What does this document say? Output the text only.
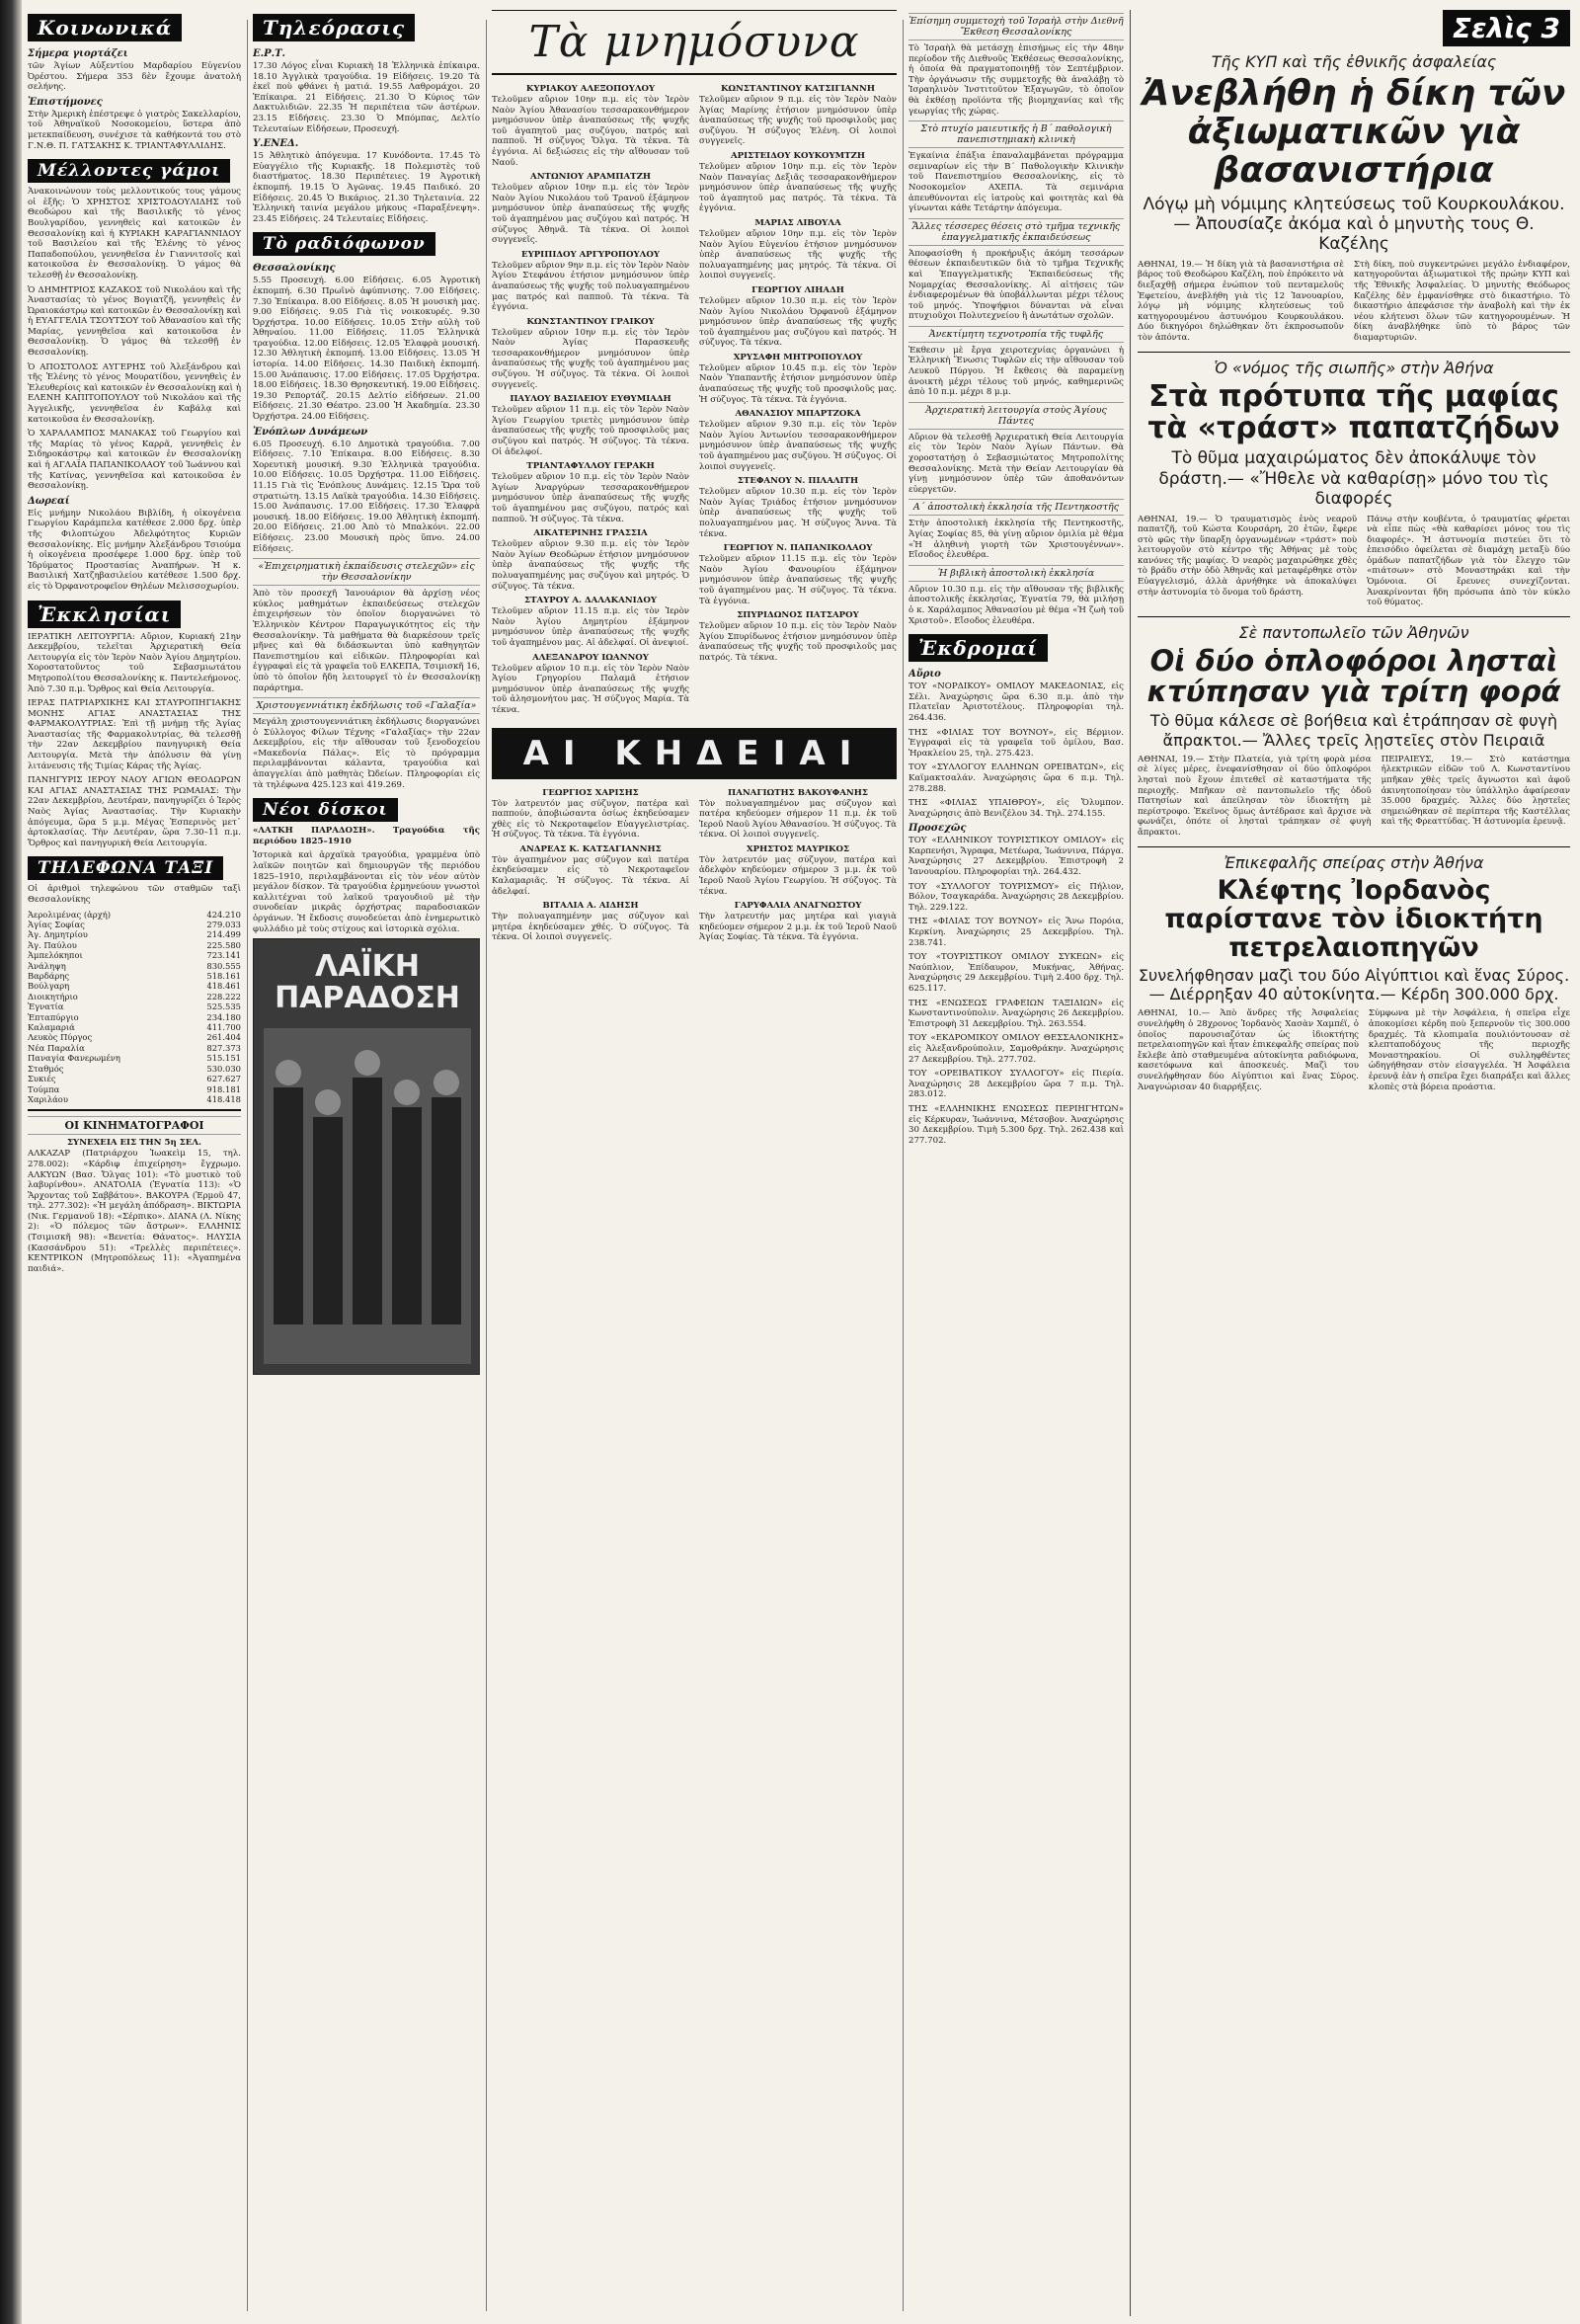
Κοινωνικά
Σήμερα γιορτάζει

τῶν Ἁγίων Αὐξεντίου Μαρδαρίου Εὐγενίου Ὀρέστου. Σήμερα 353 δὲν ἔχουμε ἀνατολή σελήνης.

Ἐπιστήμονες

Στὴν Ἀμερικὴ ἐπέστρεψε ὁ γιατρὸς Σακελλαρίου, τοῦ Ἀθηναϊκοῦ Νοσοκομείου, ὕστερα ἀπὸ μετεκπαίδευση, συνέχισε τὰ καθήκοντά του στὸ Γ.Ν.Θ. Π. ΓΑΤΣΑΚΗΣ Κ. ΤΡΙΑΝΤΑΦΥΛΛΙΔΗΣ.

Μέλλοντες γάμοι

Ἀνακοινώνουν τοὺς μελλοντικούς τους γάμους οἱ ἑξῆς: Ὁ ΧΡΗΣΤΟΣ ΧΡΙΣΤΟΔΟΥΛΙΔΗΣ τοῦ Θεοδώρου καὶ τῆς Βασιλικῆς τὸ γένος Βουλγαρίδου, γεννηθεὶς καὶ κατοικῶν ἐν Θεσσαλονίκῃ καὶ ἡ ΚΥΡΙΑΚΗ ΚΑΡΑΓΙΑΝΝΙΔΟΥ τοῦ Βασιλείου καὶ τῆς Ἐλένης τὸ γένος Παπαδοπούλου, γεννηθεῖσα ἐν Γιαννιτσοῖς καὶ κατοικοῦσα ἐν Θεσσαλονίκῃ. Ὁ γάμος θὰ τελεσθῇ ἐν Θεσσαλονίκῃ.

Ὁ ΔΗΜΗΤΡΙΟΣ ΚΑΖΑΚΟΣ τοῦ Νικολάου καὶ τῆς Ἀναστασίας τὸ γένος Βογιατζῆ, γεννηθεὶς ἐν Ὠραιοκάστρῳ καὶ κατοικῶν ἐν Θεσσαλονίκῃ καὶ ἡ ΕΥΑΓΓΕΛΙΑ ΤΣΟΥΤΣΟΥ τοῦ Ἀθανασίου καὶ τῆς Μαρίας, γεννηθεῖσα καὶ κατοικοῦσα ἐν Θεσσαλονίκῃ. Ὁ γάμος θὰ τελεσθῇ ἐν Θεσσαλονίκῃ.

Ὁ ΑΠΟΣΤΟΛΟΣ ΑΥΓΕΡΗΣ τοῦ Ἀλεξάνδρου καὶ τῆς Ἑλένης τὸ γένος Μουρατίδου, γεννηθεὶς ἐν Ἐλευθερίοις καὶ κατοικῶν ἐν Θεσσαλονίκῃ καὶ ἡ ΕΛΕΝΗ ΚΑΠΙΤΟΠΟΥΛΟΥ τοῦ Νικολάου καὶ τῆς Ἀγγελικῆς, γεννηθεῖσα ἐν Καβάλᾳ καὶ κατοικοῦσα ἐν Θεσσαλονίκῃ.

Ὁ ΧΑΡΑΛΑΜΠΟΣ ΜΑΝΑΚΑΣ τοῦ Γεωργίου καὶ τῆς Μαρίας τὸ γένος Καρρᾶ, γεννηθεὶς ἐν Σιδηροκάστρῳ καὶ κατοικῶν ἐν Θεσσαλονίκῃ καὶ ἡ ΑΓΛΑΪΑ ΠΑΠΑΝΙΚΟΛΑΟΥ τοῦ Ἰωάννου καὶ τῆς Κατίνας, γεννηθεῖσα καὶ κατοικοῦσα ἐν Θεσσαλονίκῃ.

Δωρεαί

Εἰς μνήμην Νικολάου Βιβλίδη, ἡ οἰκογένεια Γεωργίου Καράμπελα κατέθεσε 2.000 δρχ. ὑπὲρ τῆς Φιλοπτώχου Ἀδελφότητος Κυριῶν Θεσσαλονίκης. Εἰς μνήμην Ἀλεξάνδρου Τσιούμα ἡ οἰκογένεια προσέφερε 1.000 δρχ. ὑπὲρ τοῦ Ἰδρύματος Προστασίας Ἀναπήρων. Ἡ κ. Βασιλική Χατζηβασιλείου κατέθεσε 1.500 δρχ. εἰς τὸ Ὀρφανοτροφεῖον Θηλέων Μελισσοχωρίου.

Ἐκκλησίαι

ΙΕΡΑΤΙΚΗ ΛΕΙΤΟΥΡΓΙΑ: Αὔριον, Κυριακή 21ην Δεκεμβρίου, τελεῖται Ἀρχιερατικὴ Θεία Λειτουργία εἰς τὸν Ἱερὸν Ναὸν Ἁγίου Δημητρίου. Χοροστατοῦντος τοῦ Σεβασμιωτάτου Μητροπολίτου Θεσσαλονίκης κ. Παντελεήμονος. Ἀπὸ 7.30 π.μ. Ὄρθρος καὶ Θεία Λειτουργία.

ΙΕΡΑΣ ΠΑΤΡΙΑΡΧΙΚΗΣ ΚΑΙ ΣΤΑΥΡΟΠΗΓΙΑΚΗΣ ΜΟΝΗΣ ΑΓΙΑΣ ΑΝΑΣΤΑΣΙΑΣ ΤΗΣ ΦΑΡΜΑΚΟΛΥΤΡΙΑΣ: Ἐπὶ τῇ μνήμῃ τῆς Ἁγίας Ἀναστασίας τῆς Φαρμακολυτρίας, θὰ τελεσθῇ τὴν 22αν Δεκεμβρίου πανηγυρικὴ Θεία Λειτουργία. Μετὰ τὴν ἀπόλυσιν θὰ γίνῃ λιτάνευσις τῆς Τιμίας Κάρας τῆς Ἁγίας.

ΠΑΝΗΓΥΡΙΣ ΙΕΡΟΥ ΝΑΟΥ ΑΓΙΩΝ ΘΕΟΔΩΡΩΝ ΚΑΙ ΑΓΙΑΣ ΑΝΑΣΤΑΣΙΑΣ ΤΗΣ ΡΩΜΑΙΑΣ: Τὴν 22αν Δεκεμβρίου, Δευτέραν, πανηγυρίζει ὁ Ἱερὸς Ναὸς Ἁγίας Ἀναστασίας. Τὴν Κυριακὴν ἀπόγευμα, ὥρα 5 μ.μ. Μέγας Ἑσπερινὸς μετ᾽ ἀρτοκλασίας. Τὴν Δευτέραν, ὥρα 7.30–11 π.μ. Ὄρθρος καὶ πανηγυρικὴ Θεία Λειτουργία.

ΤΗΛΕΦΩΝΑ ΤΑΞΙ

Οἱ ἀριθμοὶ τηλεφώνου τῶν σταθμῶν ταξὶ Θεσσαλονίκης

Ἀερολιμένας (ἀρχή)	424.210
Ἀγίας Σοφίας	279.033
Ἀγ. Δημητρίου	214.499
Ἀγ. Παύλου	225.580
Ἀμπελόκηποι	723.141
Ἀνάληψη	830.555
Βαρδάρης	518.161
Βούλγαρη	418.461
Διοικητήριο	228.222
Ἐγνατία	525.535
Ἑπταπύργιο	234.180
Καλαμαριά	411.700
Λευκὸς Πύργος	261.404
Νέα Παραλία	827.373
Παναγία Φανερωμένη	515.151
Σταθμός	530.030
Συκιές	627.627
Τούμπα	918.181
Χαριλάου	418.418
ΟΙ ΚΙΝΗΜΑΤΟΓΡΑΦΟΙ
ΣΥΝΕΧΕΙΑ ΕΙΣ ΤΗΝ 5η ΣΕΛ.

ΑΛΚΑΖΑΡ (Πατριάρχου Ἰωακεὶμ 15, τηλ. 278.002): «Κάρδιφ ἐπιχείρηση» ἔγχρωμο. ΑΛΚΥΩΝ (Βασ. Ὄλγας 101): «Τὸ μυστικὸ τοῦ λαβυρίνθου». ΑΝΑΤΟΛΙΑ (Ἐγνατία 113): «Ὁ Ἅρχοντας τοῦ Σαββάτου». ΒΑΚΟΥΡΑ (Ἐρμοῦ 47, τηλ. 277.302): «Ἡ μεγάλη ἀπόδραση». ΒΙΚΤΩΡΙΑ (Νικ. Γερμανοῦ 18): «Σέρπικο». ΔΙΑΝΑ (Λ. Νίκης 2): «Ὁ πόλεμος τῶν ἄστρων». ΕΛΛΗΝΙΣ (Τσιμισκῆ 98): «Βενετία: Θάνατος». ΗΛΥΣΙΑ (Κασσάνδρου 51): «Τρελλὲς περιπέτειες». ΚΕΝΤΡΙΚΟΝ (Μητροπόλεως 11): «Ἀγαπημένα παιδιά».

Τηλεόρασις
Ε.Ρ.Τ.

17.30 Λόγος εἶναι Κυριακὴ 18 Ἑλληνικὰ ἐπίκαιρα. 18.10 Ἀγγλικὰ τραγούδια. 19 Εἰδήσεις. 19.20 Τὰ ἐκεῖ ποὺ φθάνει ἡ ματιά. 19.55 Λαθρομάχοι. 20 Ἐπίκαιρα. 21 Εἰδήσεις. 21.30 Ὁ Κύριος τῶν Δακτυλιδιῶν. 22.35 Ἡ περιπέτεια τῶν ἀστέρων. 23.15 Εἰδήσεις. 23.30 Ὁ Μπόμπας, Δελτίο Τελευταίων Εἰδήσεων, Προσευχή.

Υ.ΕΝΕΔ.

15 Ἀθλητικὸ ἀπόγευμα. 17 Κυνόδοντα. 17.45 Τὸ Εὐαγγέλιο τῆς Κυριακῆς. 18 Πολεμιστὲς τοῦ διαστήματος. 18.30 Περιπέτειες. 19 Ἀγροτικὴ ἐκπομπή. 19.15 Ὁ Ἀγῶνας. 19.45 Παιδικό. 20 Εἰδήσεις. 20.45 Ὁ Βικάριος. 21.30 Τηλεταινία. 22 Ἑλληνικὴ ταινία μεγάλου μήκους «Παραξένεψη». 23.45 Εἰδήσεις. 24 Τελευταίες Εἰδήσεις.

Τὸ ραδιόφωνον
Θεσσαλονίκης

5.55 Προσευχή. 6.00 Εἰδήσεις. 6.05 Ἀγροτικὴ ἐκπομπή. 6.30 Πρωϊνὸ ἀφύπνισης. 7.00 Εἰδήσεις. 7.30 Ἐπίκαιρα. 8.00 Εἰδήσεις. 8.05 Ἡ μουσικὴ μας. 9.00 Εἰδήσεις. 9.05 Γιὰ τὶς νοικοκυρές. 9.30 Ὀρχήστρα. 10.00 Εἰδήσεις. 10.05 Στὴν αὐλὴ τοῦ Ἀθηναίου. 11.00 Εἰδήσεις. 11.05 Ἑλληνικὰ τραγούδια. 12.00 Εἰδήσεις. 12.05 Ἐλαφρὰ μουσική. 12.30 Ἀθλητικὴ ἐκπομπή. 13.00 Εἰδήσεις. 13.05 Ἡ ἱστορία. 14.00 Εἰδήσεις. 14.30 Παιδικὴ ἐκπομπή. 15.00 Ἀνάπαυσις. 17.00 Εἰδήσεις. 17.05 Ὀρχήστρα. 18.00 Εἰδήσεις. 18.30 Θρησκευτική. 19.00 Εἰδήσεις. 19.30 Ρεπορτάζ. 20.15 Δελτίο εἰδήσεων. 21.00 Εἰδήσεις. 21.30 Θέατρο. 23.00 Ἡ Ἀκαδημία. 23.30 Ὀρχήστρα. 24.00 Εἰδήσεις.

Ἐνόπλων Δυνάμεων

6.05 Προσευχή. 6.10 Δημοτικὰ τραγούδια. 7.00 Εἰδήσεις. 7.10 Ἐπίκαιρα. 8.00 Εἰδήσεις. 8.30 Χορευτικὴ μουσική. 9.30 Ἑλληνικὰ τραγούδια. 10.00 Εἰδήσεις. 10.05 Ὀρχήστρα. 11.00 Εἰδήσεις. 11.15 Γιὰ τὶς Ἐνόπλους Δυνάμεις. 12.15 Ὥρα τοῦ στρατιώτη. 13.15 Λαϊκὰ τραγούδια. 14.30 Εἰδήσεις. 15.00 Ἀνάπαυσις. 17.00 Εἰδήσεις. 17.30 Ἐλαφρὰ μουσική. 18.00 Εἰδήσεις. 19.00 Ἀθλητικὴ ἐκπομπή. 20.00 Εἰδήσεις. 21.00 Ἀπὸ τὸ Μπαλκόνι. 22.00 Εἰδήσεις. 23.00 Μουσικὴ πρὸς ὕπνο. 24.00 Εἰδήσεις.

«Ἐπιχειρηματικὴ ἐκπαίδευσις στελεχῶν» εἰς τὴν Θεσσαλονίκην

Ἀπὸ τὸν προσεχῆ Ἰανουάριον θὰ ἀρχίσῃ νέος κύκλος μαθημάτων ἐκπαιδεύσεως στελεχῶν ἐπιχειρήσεων τὸν ὁποῖον διοργανώνει τὸ Ἑλληνικὸν Κέντρον Παραγωγικότητος εἰς τὴν Θεσσαλονίκην. Τὰ μαθήματα θὰ διαρκέσουν τρεῖς μῆνες καὶ θὰ διδάσκωνται ὑπὸ καθηγητῶν Πανεπιστημίου καὶ εἰδικῶν. Πληροφορίαι καὶ ἐγγραφαὶ εἰς τὰ γραφεῖα τοῦ ΕΛΚΕΠΑ, Τσιμισκῆ 16, ὑπὸ τὸ ὁποῖον ἤδη λειτουργεῖ τὸ ἐν Θεσσαλονίκῃ παράρτημα.

Χριστουγεννιάτικη ἐκδήλωσις τοῦ «Γαλαξία»

Μεγάλη χριστουγεννιάτικη ἐκδήλωσις διοργανώνει ὁ Σύλλογος Φίλων Τέχνης «Γαλαξίας» τὴν 22αν Δεκεμβρίου, εἰς τὴν αἴθουσαν τοῦ ξενοδοχείου «Μακεδονία Πάλας». Εἰς τὸ πρόγραμμα περιλαμβάνονται κάλαντα, τραγούδια καὶ ἀπαγγελίαι ἀπὸ μαθητὰς Ὠδείων. Πληροφορίαι εἰς τὰ τηλέφωνα 425.123 καὶ 419.269.

Νέοι δίσκοι

«ΛΑΤΚΗ ΠΑΡΑΔΟΣΗ». Τραγούδια τῆς περιόδου 1825–1910

Ἱστορικὰ καὶ ἀρχαϊκὰ τραγούδια, γραμμένα ὑπὸ λαϊκῶν ποιητῶν καὶ δημιουργῶν τῆς περιόδου 1825–1910, περιλαμβάνονται εἰς τὸν νέον αὐτὸν μεγάλον δίσκον. Τὰ τραγούδια ἑρμηνεύουν γνωστοὶ καλλιτέχναι τοῦ λαϊκοῦ τραγουδιοῦ μὲ τὴν συνοδείαν μικρᾶς ὀρχήστρας παραδοσιακῶν ὀργάνων. Ἡ ἔκδοσις συνοδεύεται ἀπὸ ἐνημερωτικὸ φυλλάδιο μὲ τοὺς στίχους καὶ ἱστορικὰ σχόλια.

ΛΑΪΚΗ
ΠΑΡΑΔΟΣΗ
Τὰ μνημόσυνα
ΚΥΡΙΑΚΟΥ ΑΛΕΞΟΠΟΥΛΟΥ

Τελοῦμεν αὔριον 10ην π.μ. εἰς τὸν Ἱερὸν Ναὸν Ἁγίου Ἀθανασίου τεσσαρακονθήμερον μνημόσυνον ὑπὲρ ἀναπαύσεως τῆς ψυχῆς τοῦ ἀγαπητοῦ μας συζύγου, πατρός καὶ παπποῦ. Ἡ σύζυγος Ὄλγα. Τὰ τέκνα. Τὰ ἐγγόνια. Αἱ δεξιώσεις εἰς τὴν αἴθουσαν τοῦ Ναοῦ.

ΑΝΤΩΝΙΟΥ ΑΡΑΜΠΑΤΖΗ

Τελοῦμεν αὔριον 10ην π.μ. εἰς τὸν Ἱερὸν Ναὸν Ἁγίου Νικολάου τοῦ Τρανοῦ ἑξάμηνον μνημόσυνον ὑπὲρ ἀναπαύσεως τῆς ψυχῆς τοῦ ἀγαπημένου μας συζύγου καὶ πατρός. Ἡ σύζυγος Ἀθηνᾶ. Τὰ τέκνα. Οἱ λοιποὶ συγγενεῖς.

ΕΥΡΙΠΙΔΟΥ ΑΡΓΥΡΟΠΟΥΛΟΥ

Τελοῦμεν αὔριον 9ην π.μ. εἰς τὸν Ἱερὸν Ναὸν Ἁγίου Στεφάνου ἐτήσιον μνημόσυνον ὑπὲρ ἀναπαύσεως τῆς ψυχῆς τοῦ πολυαγαπημένου μας πατρός καὶ παπποῦ. Τὰ τέκνα. Τὰ ἐγγόνια.

ΚΩΝΣΤΑΝΤΙΝΟΥ ΓΡΑΙΚΟΥ

Τελοῦμεν αὔριον 10ην π.μ. εἰς τὸν Ἱερὸν Ναὸν Ἁγίας Παρασκευῆς τεσσαρακονθήμερον μνημόσυνον ὑπὲρ ἀναπαύσεως τῆς ψυχῆς τοῦ ἀγαπημένου μας συζύγου. Ἡ σύζυγος. Τὰ τέκνα. Οἱ λοιποὶ συγγενεῖς.

ΠΑΥΛΟΥ ΒΑΣΙΛΕΙΟΥ ΕΥΘΥΜΙΑΔΗ

Τελοῦμεν αὔριον 11 π.μ. εἰς τὸν Ἱερὸν Ναὸν Ἁγίου Γεωργίου τριετὲς μνημόσυνον ὑπὲρ ἀναπαύσεως τῆς ψυχῆς τοῦ προσφιλοῦς μας συζύγου καὶ πατρός. Ἡ σύζυγος. Τὰ τέκνα. Οἱ ἀδελφοί.

ΤΡΙΑΝΤΑΦΥΛΛΟΥ ΓΕΡΑΚΗ

Τελοῦμεν αὔριον 10 π.μ. εἰς τὸν Ἱερὸν Ναὸν Ἁγίων Ἀναργύρων τεσσαρακονθήμερον μνημόσυνον ὑπὲρ ἀναπαύσεως τῆς ψυχῆς τοῦ ἀγαπημένου μας συζύγου, πατρός καὶ παπποῦ. Ἡ σύζυγος. Τὰ τέκνα.

ΑΙΚΑΤΕΡΙΝΗΣ ΓΡΑΣΣΙΑ

Τελοῦμεν αὔριον 9.30 π.μ. εἰς τὸν Ἱερὸν Ναὸν Ἁγίων Θεοδώρων ἐτήσιον μνημόσυνον ὑπὲρ ἀναπαύσεως τῆς ψυχῆς τῆς πολυαγαπημένης μας συζύγου καὶ μητρός. Ὁ σύζυγος. Τὰ τέκνα.

ΣΤΑΥΡΟΥ Α. ΔΑΛΑΚΑΝΙΔΟΥ

Τελοῦμεν αὔριον 11.15 π.μ. εἰς τὸν Ἱερὸν Ναὸν Ἁγίου Δημητρίου ἑξάμηνον μνημόσυνον ὑπὲρ ἀναπαύσεως τῆς ψυχῆς τοῦ ἀγαπημένου μας. Αἱ ἀδελφαί. Οἱ ἀνεψιοί.

ΑΛΕΞΑΝΔΡΟΥ ΙΩΑΝΝΟΥ

Τελοῦμεν αὔριον 10 π.μ. εἰς τὸν Ἱερὸν Ναὸν Ἁγίου Γρηγορίου Παλαμᾶ ἐτήσιον μνημόσυνον ὑπὲρ ἀναπαύσεως τῆς ψυχῆς τοῦ ἀλησμονήτου μας. Ἡ σύζυγος Μαρία. Τὰ τέκνα.

ΚΩΝΣΤΑΝΤΙΝΟΥ ΚΑΤΣΙΓΙΑΝΝΗ

Τελοῦμεν αὔριον 9 π.μ. εἰς τὸν Ἱερὸν Ναὸν Ἁγίας Μαρίνης ἐτήσιον μνημόσυνον ὑπὲρ ἀναπαύσεως τῆς ψυχῆς τοῦ προσφιλοῦς μας συζύγου. Ἡ σύζυγος Ἑλένη. Οἱ λοιποὶ συγγενεῖς.

ΑΡΙΣΤΕΙΔΟΥ ΚΟΥΚΟΥΜΤΖΗ

Τελοῦμεν αὔριον 10ην π.μ. εἰς τὸν Ἱερὸν Ναὸν Παναγίας Δεξιᾶς τεσσαρακονθήμερον μνημόσυνον ὑπὲρ ἀναπαύσεως τῆς ψυχῆς τοῦ ἀγαπητοῦ μας πατρός. Τὰ τέκνα. Τὰ ἐγγόνια.

ΜΑΡΙΑΣ ΛΙΒΟΥΛΑ

Τελοῦμεν αὔριον 10ην π.μ. εἰς τὸν Ἱερὸν Ναὸν Ἁγίου Εὐγενίου ἐτήσιον μνημόσυνον ὑπὲρ ἀναπαύσεως τῆς ψυχῆς τῆς πολυαγαπημένης μας μητρός. Τὰ τέκνα. Οἱ λοιποὶ συγγενεῖς.

ΓΕΩΡΓΙΟΥ ΛΙΗΑΔΗ

Τελοῦμεν αὔριον 10.30 π.μ. εἰς τὸν Ἱερὸν Ναὸν Ἁγίου Νικολάου Ὀρφανοῦ ἑξάμηνον μνημόσυνον ὑπὲρ ἀναπαύσεως τῆς ψυχῆς τοῦ ἀγαπημένου μας συζύγου καὶ πατρός. Ἡ σύζυγος. Τὰ τέκνα.

ΧΡΥΣΑΦΗ ΜΗΤΡΟΠΟΥΛΟΥ

Τελοῦμεν αὔριον 10.45 π.μ. εἰς τὸν Ἱερὸν Ναὸν Ὑπαπαντῆς ἐτήσιον μνημόσυνον ὑπὲρ ἀναπαύσεως τῆς ψυχῆς τοῦ προσφιλοῦς μας. Ἡ σύζυγος. Τὰ τέκνα. Τὰ ἐγγόνια.

ΑΘΑΝΑΣΙΟΥ ΜΠΑΡΤΖΟΚΑ

Τελοῦμεν αὔριον 9.30 π.μ. εἰς τὸν Ἱερὸν Ναὸν Ἁγίου Ἀντωνίου τεσσαρακονθήμερον μνημόσυνον ὑπὲρ ἀναπαύσεως τῆς ψυχῆς τοῦ ἀγαπημένου μας συζύγου. Ἡ σύζυγος. Οἱ λοιποὶ συγγενεῖς.

ΣΤΕΦΑΝΟΥ Ν. ΠΙΛΑΛΙΤΗ

Τελοῦμεν αὔριον 10.30 π.μ. εἰς τὸν Ἱερὸν Ναὸν Ἁγίας Τριάδος ἐτήσιον μνημόσυνον ὑπὲρ ἀναπαύσεως τῆς ψυχῆς τοῦ πολυαγαπημένου μας. Ἡ σύζυγος Ἄννα. Τὰ τέκνα.

ΓΕΩΡΓΙΟΥ Ν. ΠΑΠΑΝΙΚΟΛΑΟΥ

Τελοῦμεν αὔριον 11.15 π.μ. εἰς τὸν Ἱερὸν Ναὸν Ἁγίου Φανουρίου ἑξάμηνον μνημόσυνον ὑπὲρ ἀναπαύσεως τῆς ψυχῆς τοῦ ἀγαπημένου μας. Ἡ σύζυγος. Τὰ τέκνα. Τὰ ἐγγόνια.

ΣΠΥΡΙΔΩΝΟΣ ΠΑΤΣΑΡΟΥ

Τελοῦμεν αὔριον 10 π.μ. εἰς τὸν Ἱερὸν Ναὸν Ἁγίου Σπυρίδωνος ἐτήσιον μνημόσυνον ὑπὲρ ἀναπαύσεως τῆς ψυχῆς τοῦ προσφιλοῦς μας πατρός. Τὰ τέκνα.

ΑΙ ΚΗΔΕΙΑΙ
ΓΕΩΡΓΙΟΣ ΧΑΡΙΣΗΣ

Τὸν λατρευτόν μας σύζυγον, πατέρα καὶ παππούν, ἀποβιώσαντα ὁσίως ἐκηδεύσαμεν χθὲς εἰς τὸ Νεκροταφεῖον Εὐαγγελιστρίας. Ἡ σύζυγος. Τὰ τέκνα. Τὰ ἐγγόνια.

ΑΝΔΡΕΑΣ Κ. ΚΑΤΣΑΓΙΑΝΝΗΣ

Τὸν ἀγαπημένον μας σύζυγον καὶ πατέρα ἐκηδεύσαμεν εἰς τὸ Νεκροταφεῖον Καλαμαριᾶς. Ἡ σύζυγος. Τὰ τέκνα. Αἱ ἀδελφαί.

ΒΙΤΑΛΙΑ Α. ΑΙΔΗΣΗ

Τὴν πολυαγαπημένην μας σύζυγον καὶ μητέρα ἐκηδεύσαμεν χθές. Ὁ σύζυγος. Τὰ τέκνα. Οἱ λοιποὶ συγγενεῖς.

ΠΑΝΑΓΙΩΤΗΣ ΒΑΚΟΥΦΑΝΗΣ

Τὸν πολυαγαπημένον μας σύζυγον καὶ πατέρα κηδεύομεν σήμερον 11 π.μ. ἐκ τοῦ Ἱεροῦ Ναοῦ Ἁγίου Ἀθανασίου. Ἡ σύζυγος. Τὰ τέκνα. Οἱ λοιποὶ συγγενεῖς.

ΧΡΗΣΤΟΣ ΜΑΥΡΙΚΟΣ

Τὸν λατρευτόν μας σύζυγον, πατέρα καὶ ἀδελφὸν κηδεύομεν σήμερον 3 μ.μ. ἐκ τοῦ Ἱεροῦ Ναοῦ Ἁγίου Γεωργίου. Ἡ σύζυγος. Τὰ τέκνα.

ΓΑΡΥΦΑΛΙΑ ΑΝΑΓΝΩΣΤΟΥ

Τὴν λατρευτήν μας μητέρα καὶ γιαγιὰ κηδεύομεν σήμερον 2 μ.μ. ἐκ τοῦ Ἱεροῦ Ναοῦ Ἁγίας Σοφίας. Τὰ τέκνα. Τὰ ἐγγόνια.

Ἐπίσημη συμμετοχὴ τοῦ Ἰσραὴλ στὴν Διεθνῆ Ἔκθεση Θεσσαλονίκης

Τὸ Ἰσραὴλ θὰ μετάσχῃ ἐπισήμως εἰς τὴν 48ην περίοδον τῆς Διεθνοῦς Ἐκθέσεως Θεσσαλονίκης, ἡ ὁποία θὰ πραγματοποιηθῇ τὸν Σεπτέμβριον. Τὴν ὀργάνωσιν τῆς συμμετοχῆς θὰ ἀναλάβῃ τὸ Ἰσραηλινὸν Ἰνστιτοῦτον Ἐξαγωγῶν, τὸ ὁποῖον θὰ ἐκθέσῃ προϊόντα τῆς βιομηχανίας καὶ τῆς γεωργίας τῆς χώρας.

Στὸ πτυχίο μαιευτικῆς ἡ Β´ παθολογικὴ πανεπιστημιακὴ κλινικὴ

Ἐγκαίνια ἐπάξια ἐπαναλαμβάνεται πρόγραμμα σεμιναρίων εἰς τὴν Β´ Παθολογικὴν Κλινικὴν τοῦ Πανεπιστημίου Θεσσαλονίκης, εἰς τὸ Νοσοκομεῖον ΑΧΕΠΑ. Τὰ σεμινάρια ἀπευθύνονται εἰς ἰατροὺς καὶ φοιτητὰς καὶ θὰ γίνωνται κάθε Τετάρτην ἀπόγευμα.

Ἄλλες τέσσερες θέσεις στὸ τμῆμα τεχνικῆς ἐπαγγελματικῆς ἐκπαιδεύσεως

Ἀποφασίσθη ἡ προκήρυξις ἀκόμη τεσσάρων θέσεων ἐκπαιδευτικῶν διὰ τὸ τμῆμα Τεχνικῆς καὶ Ἐπαγγελματικῆς Ἐκπαιδεύσεως τῆς Νομαρχίας Θεσσαλονίκης. Αἱ αἰτήσεις τῶν ἐνδιαφερομένων θὰ ὑποβάλλωνται μέχρι τέλους τοῦ μηνός. Ὑποψήφιοι δύνανται νὰ εἶναι πτυχιοῦχοι Πολυτεχνείου ἢ ἀνωτάτων σχολῶν.

Ἀνεκτίμητη τεχνοτροπία τῆς τυφλῆς

Ἐκθεσιν μὲ ἔργα χειροτεχνίας ὀργανώνει ἡ Ἑλληνικὴ Ἕνωσις Τυφλῶν εἰς τὴν αἴθουσαν τοῦ Λευκοῦ Πύργου. Ἡ ἔκθεσις θὰ παραμείνῃ ἀνοικτὴ μέχρι τέλους τοῦ μηνός, καθημερινῶς ἀπὸ 10 π.μ. μέχρι 8 μ.μ.

Ἀρχιερατικὴ λειτουργία στοὺς Ἁγίους Πάντες

Αὔριον θὰ τελεσθῇ Ἀρχιερατικὴ Θεία Λειτουργία εἰς τὸν Ἱερὸν Ναὸν Ἁγίων Πάντων. Θὰ χοροστατήσῃ ὁ Σεβασμιώτατος Μητροπολίτης Θεσσαλονίκης. Μετὰ τὴν Θείαν Λειτουργίαν θὰ γίνῃ μνημόσυνον ὑπὲρ τῶν ἀποθανόντων εὐεργετῶν.

Α´ ἀποστολικὴ ἐκκλησία τῆς Πεντηκοστῆς

Στὴν ἀποστολικὴ ἐκκλησία τῆς Πεντηκοστῆς, Ἀγίας Σοφίας 85, θὰ γίνῃ αὔριον ὁμιλία μὲ θέμα «Ἡ ἀληθινὴ γιορτὴ τῶν Χριστουγέννων». Εἴσοδος ἐλευθέρα.

Ἡ βιβλικὴ ἀποστολικὴ ἐκκλησία

Αὔριον 10.30 π.μ. εἰς τὴν αἴθουσαν τῆς βιβλικῆς ἀποστολικῆς ἐκκλησίας, Ἐγνατία 79, θὰ μιλήσῃ ὁ κ. Χαράλαμπος Ἀθανασίου μὲ θέμα «Ἡ ζωὴ τοῦ Χριστοῦ». Εἴσοδος ἐλευθέρα.

Ἐκδρομαί
Αὔριο

ΤΟΥ «ΝΟΡΔΙΚΟΥ» ΟΜΙΛΟΥ ΜΑΚΕΔΟΝΙΑΣ, εἰς Σέλι. Ἀναχώρησις ὥρα 6.30 π.μ. ἀπὸ τὴν Πλατεῖαν Ἀριστοτέλους. Πληροφορίαι τηλ. 264.436.

ΤΗΣ «ΦΙΛΙΑΣ ΤΟΥ ΒΟΥΝΟΥ», εἰς Βέρμιον. Ἐγγραφαὶ εἰς τὰ γραφεῖα τοῦ ὁμίλου, Βασ. Ἡρακλείου 25, τηλ. 275.423.

ΤΟΥ «ΣΥΛΛΟΓΟΥ ΕΛΛΗΝΩΝ ΟΡΕΙΒΑΤΩΝ», εἰς Καϊμακτσαλάν. Ἀναχώρησις ὥρα 6 π.μ. Τηλ. 278.288.

ΤΗΣ «ΦΙΛΙΑΣ ΥΠΑΙΘΡΟΥ», εἰς Ὄλυμπον. Ἀναχώρησις ἀπὸ Βενιζέλου 34. Τηλ. 274.155.

Προσεχῶς

ΤΟΥ «ΕΛΛΗΝΙΚΟΥ ΤΟΥΡΙΣΤΙΚΟΥ ΟΜΙΛΟΥ» εἰς Καρπενήσι, Ἄγραφα, Μετέωρα, Ἰωάννινα, Πάργα. Ἀναχώρησις 27 Δεκεμβρίου. Ἐπιστροφὴ 2 Ἰανουαρίου. Πληροφορίαι τηλ. 264.432.

ΤΟΥ «ΣΥΛΛΟΓΟΥ ΤΟΥΡΙΣΜΟΥ» εἰς Πήλιον, Βόλον, Τσαγκαράδα. Ἀναχώρησις 28 Δεκεμβρίου. Τηλ. 229.122.

ΤΗΣ «ΦΙΛΙΑΣ ΤΟΥ ΒΟΥΝΟΥ» εἰς Ἄνω Πορόια, Κερκίνη. Ἀναχώρησις 25 Δεκεμβρίου. Τηλ. 238.741.

ΤΟΥ «ΤΟΥΡΙΣΤΙΚΟΥ ΟΜΙΛΟΥ ΣΥΚΕΩΝ» εἰς Ναύπλιον, Ἐπίδαυρον, Μυκήνας, Ἀθήνας. Ἀναχώρησις 29 Δεκεμβρίου. Τιμὴ 2.400 δρχ. Τηλ. 625.117.

ΤΗΣ «ΕΝΩΣΕΩΣ ΓΡΑΦΕΙΩΝ ΤΑΞΙΔΙΩΝ» εἰς Κωνσταντινούπολιν. Ἀναχώρησις 26 Δεκεμβρίου. Ἐπιστροφὴ 31 Δεκεμβρίου. Τηλ. 263.554.

ΤΟΥ «ΕΚΔΡΟΜΙΚΟΥ ΟΜΙΛΟΥ ΘΕΣΣΑΛΟΝΙΚΗΣ» εἰς Ἀλεξανδρούπολιν, Σαμοθράκην. Ἀναχώρησις 27 Δεκεμβρίου. Τηλ. 277.702.

ΤΟΥ «ΟΡΕΙΒΑΤΙΚΟΥ ΣΥΛΛΟΓΟΥ» εἰς Πιερία. Ἀναχώρησις 28 Δεκεμβρίου ὥρα 7 π.μ. Τηλ. 283.012.

ΤΗΣ «ΕΛΛΗΝΙΚΗΣ ΕΝΩΣΕΩΣ ΠΕΡΙΗΓΗΤΩΝ» εἰς Κέρκυραν, Ἰωάννινα, Μέτσοβον. Ἀναχώρησις 30 Δεκεμβρίου. Τιμὴ 5.300 δρχ. Τηλ. 262.438 καὶ 277.702.

Σελὶς 3
Τῆς ΚΥΠ καὶ τῆς ἐθνικῆς ἀσφαλείας
Ἀνεβλήθη ἡ δίκη τῶν ἀξιωματικῶν γιὰ βασανιστήρια
Λόγῳ μὴ νόμιμης κλητεύσεως τοῦ Κουρκουλάκου.— Ἀπουσίαζε ἀκόμα καὶ ὁ μηνυτὴς τους Θ. Καζέλης

ΑΘΗΝΑΙ, 19.— Ἡ δίκη γιὰ τὰ βασανιστήρια σὲ βάρος τοῦ Θεοδώρου Καζέλη, ποὺ ἐπρόκειτο νὰ διεξαχθῇ σήμερα ἐνώπιον τοῦ πενταμελοῦς Ἐφετείου, ἀνεβλήθη γιὰ τὶς 12 Ἰανουαρίου, λόγῳ μὴ νόμιμης κλητεύσεως τοῦ κατηγορουμένου ἀστυνόμου Κουρκουλάκου. Δύο δικηγόροι δηλώθηκαν ὅτι ἐκπροσωποῦν τὸν ἀπόντα.

Στὴ δίκη, ποὺ συγκεντρώνει μεγάλο ἐνδιαφέρον, κατηγοροῦνται ἀξιωματικοὶ τῆς πρώην ΚΥΠ καὶ τῆς Ἐθνικῆς Ἀσφαλείας. Ὁ μηνυτὴς Θεόδωρος Καζέλης δὲν ἐμφανίσθηκε στὸ δικαστήριο. Τὸ δικαστήριο ἀπεφάσισε τὴν ἀναβολὴ καὶ τὴν ἐκ νέου κλήτευσι ὅλων τῶν κατηγορουμένων. Ἡ δίκη ἀναβλήθηκε ὑπὸ τὸ βάρος τῶν διαμαρτυριῶν.

Ὁ «νόμος τῆς σιωπῆς» στὴν Ἀθήνα
Στὰ πρότυπα τῆς μαφίας τὰ «τράστ» παπατζήδων
Τὸ θῦμα μαχαιρώματος δὲν ἀποκάλυψε τὸν δράστη.— «Ἤθελε νὰ καθαρίσῃ» μόνο του τὶς διαφορές

ΑΘΗΝΑΙ, 19.— Ὁ τραυματισμὸς ἑνὸς νεαροῦ παπατζῆ, τοῦ Κώστα Κουρσάρη, 20 ἐτῶν, ἔφερε στὸ φῶς τὴν ὕπαρξη ὀργανωμένων «τράστ» ποὺ λειτουργοῦν στὸ κέντρο τῆς Ἀθήνας μὲ τοὺς κανόνες τῆς μαφίας. Ὁ νεαρὸς μαχαιρώθηκε χθὲς τὸ βράδυ στὴν ὁδὸ Ἀθηνᾶς καὶ μεταφέρθηκε στὸν Εὐαγγελισμό, ἀλλὰ ἀρνήθηκε νὰ ἀποκαλύψει στὴν ἀστυνομία τὸ ὄνομα τοῦ δράστη.

Πάνω στὴν κουβέντα, ὁ τραυματίας φέρεται νὰ εἶπε πὼς «θὰ καθαρίσει μόνος του τὶς διαφορές». Ἡ ἀστυνομία πιστεύει ὅτι τὸ ἐπεισόδιο ὀφείλεται σὲ διαμάχη μεταξὺ δύο ὁμάδων παπατζήδων γιὰ τὸν ἔλεγχο τῶν «πιάτσων» στὸ Μοναστηράκι καὶ τὴν Ὁμόνοια. Οἱ ἔρευνες συνεχίζονται. Ἀνακρίνονται ἤδη πρόσωπα ἀπὸ τὸν κύκλο τοῦ θύματος.

Σὲ παντοπωλεῖο τῶν Ἀθηνῶν
Οἱ δύο ὁπλοφόροι λησταὶ κτύπησαν γιὰ τρίτη φορά
Τὸ θῦμα κάλεσε σὲ βοήθεια καὶ ἐτράπησαν σὲ φυγὴ ἄπρακτοι.— Ἄλλες τρεῖς λῃστεῖες στὸν Πειραιᾶ

ΑΘΗΝΑΙ, 19.— Στὴν Πλατεία, γιὰ τρίτη φορὰ μέσα σὲ λίγες μέρες, ἐνεφανίσθησαν οἱ δύο ὁπλοφόροι λησταὶ ποὺ ἔχουν ἐπιτεθεῖ σὲ καταστήματα τῆς περιοχῆς. Μπῆκαν σὲ παντοπωλεῖο τῆς ὁδοῦ Πατησίων καὶ ἀπείλησαν τὸν ἰδιοκτήτη μὲ περίστροφο. Ἐκεῖνος ὅμως ἀντέδρασε καὶ ἄρχισε νὰ φωνάζει, ὁπότε οἱ λησταὶ τράπηκαν σὲ φυγὴ ἄπρακτοι.

ΠΕΙΡΑΙΕΥΣ, 19.— Στὸ κατάστημα ἠλεκτρικῶν εἰδῶν τοῦ Λ. Κωνσταντίνου μπῆκαν χθὲς τρεῖς ἄγνωστοι καὶ ἀφοῦ ἀκινητοποίησαν τὸν ὑπάλληλο ἀφαίρεσαν 35.000 δραχμές. Ἄλλες δύο λῃστεῖες σημειώθηκαν σὲ περίπτερα τῆς Καστέλλας καὶ τῆς Φρεαττύδας. Ἡ ἀστυνομία ἐρευνᾷ.

Ἐπικεφαλῆς σπείρας στὴν Ἀθήνα
Κλέφτης Ἰορδανὸς παρίστανε τὸν ἰδιοκτήτη πετρελαιοπηγῶν
Συνελήφθησαν μαζὶ του δύο Αἰγύπτιοι καὶ ἕνας Σύρος.— Διέρρηξαν 40 αὐτοκίνητα.— Κέρδη 300.000 δρχ.

ΑΘΗΝΑΙ, 10.— Ἀπὸ ἄνδρες τῆς Ἀσφαλείας συνελήφθη ὁ 28χρονος Ἰορδανὸς Χασὰν Χαμπέϊ, ὁ ὁποῖος παρουσιαζόταν ὡς ἰδιοκτήτης πετρελαιοπηγῶν καὶ ἦταν ἐπικεφαλῆς σπείρας ποὺ ἔκλεβε ἀπὸ σταθμευμένα αὐτοκίνητα ραδιόφωνα, κασετόφωνα καὶ ἀποσκευές. Μαζὶ του συνελήφθησαν δύο Αἰγύπτιοι καὶ ἕνας Σύρος. Ἀναγνώρισαν 40 διαρρήξεις.

Σύμφωνα μὲ τὴν Ἀσφάλεια, ἡ σπεῖρα εἶχε ἀποκομίσει κέρδη ποὺ ξεπερνοῦν τὶς 300.000 δραχμές. Τὰ κλοπιμαῖα πουλιόντουσαν σὲ κλεπταποδόχους τῆς περιοχῆς Μοναστηρακίου. Οἱ συλληφθέντες ὡδηγήθησαν στὸν εἰσαγγελέα. Ἡ Ἀσφάλεια ἐρευνᾷ ἐὰν ἡ σπεῖρα ἔχει διαπράξει καὶ ἄλλες κλοπὲς στὰ βόρεια προάστια.
